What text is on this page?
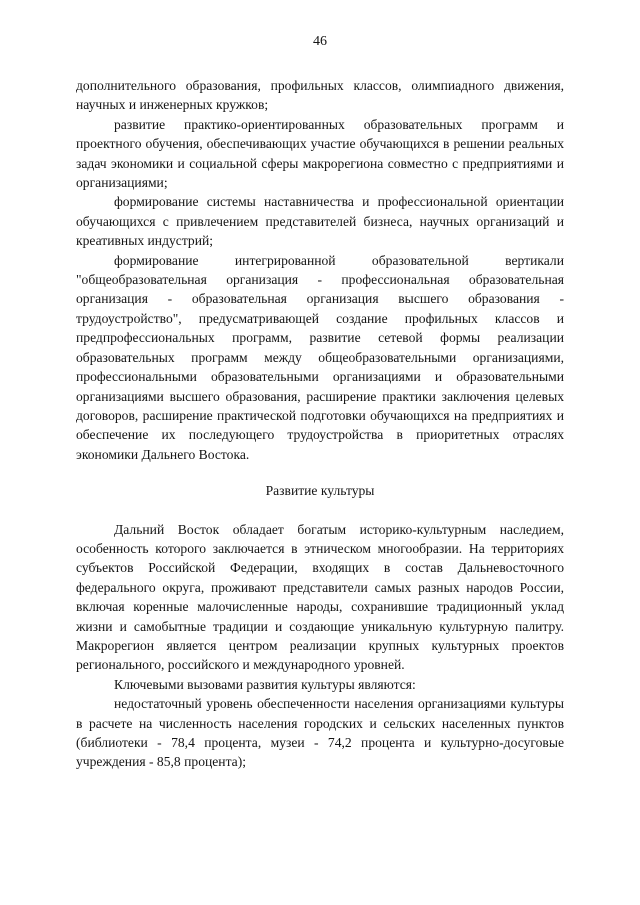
46

дополнительного образования, профильных классов, олимпиадного движения, научных и инженерных кружков;

развитие практико-ориентированных образовательных программ и проектного обучения, обеспечивающих участие обучающихся в решении реальных задач экономики и социальной сферы макрорегиона совместно с предприятиями и организациями;

формирование системы наставничества и профессиональной ориентации обучающихся с привлечением представителей бизнеса, научных организаций и креативных индустрий;

формирование интегрированной образовательной вертикали "общеобразовательная организация - профессиональная образовательная организация - образовательная организация высшего образования - трудоустройство", предусматривающей создание профильных классов и предпрофессиональных программ, развитие сетевой формы реализации образовательных программ между общеобразовательными организациями, профессиональными образовательными организациями и образовательными организациями высшего образования, расширение практики заключения целевых договоров, расширение практической подготовки обучающихся на предприятиях и обеспечение их последующего трудоустройства в приоритетных отраслях экономики Дальнего Востока.

Развитие культуры

Дальний Восток обладает богатым историко-культурным наследием, особенность которого заключается в этническом многообразии. На территориях субъектов Российской Федерации, входящих в состав Дальневосточного федерального округа, проживают представители самых разных народов России, включая коренные малочисленные народы, сохранившие традиционный уклад жизни и самобытные традиции и создающие уникальную культурную палитру. Макрорегион является центром реализации крупных культурных проектов регионального, российского и международного уровней.

Ключевыми вызовами развития культуры являются:

недостаточный уровень обеспеченности населения организациями культуры в расчете на численность населения городских и сельских населенных пунктов (библиотеки - 78,4 процента, музеи - 74,2 процента и культурно-досуговые учреждения - 85,8 процента);
